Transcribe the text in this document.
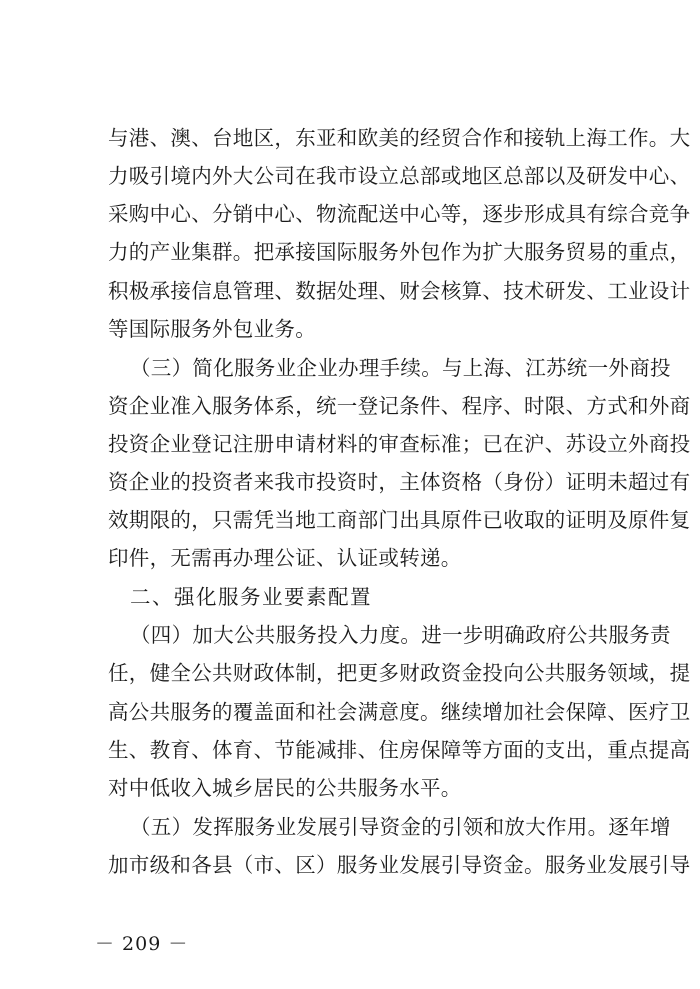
与港、澳、台地区，东亚和欧美的经贸合作和接轨上海工作。大
力吸引境内外大公司在我市设立总部或地区总部以及研发中心、
采购中心、分销中心、物流配送中心等，逐步形成具有综合竞争
力的产业集群。把承接国际服务外包作为扩大服务贸易的重点，
积极承接信息管理、数据处理、财会核算、技术研发、工业设计
等国际服务外包业务。
（三）简化服务业企业办理手续。与上海、江苏统一外商投
资企业准入服务体系，统一登记条件、程序、时限、方式和外商
投资企业登记注册申请材料的审查标准；已在沪、苏设立外商投
资企业的投资者来我市投资时，主体资格（身份）证明未超过有
效期限的，只需凭当地工商部门出具原件已收取的证明及原件复
印件，无需再办理公证、认证或转递。
二、强化服务业要素配置
（四）加大公共服务投入力度。进一步明确政府公共服务责
任，健全公共财政体制，把更多财政资金投向公共服务领域，提
高公共服务的覆盖面和社会满意度。继续增加社会保障、医疗卫
生、教育、体育、节能减排、住房保障等方面的支出，重点提高
对中低收入城乡居民的公共服务水平。
（五）发挥服务业发展引导资金的引领和放大作用。逐年增
加市级和各县（市、区）服务业发展引导资金。服务业发展引导
－ 209 －
